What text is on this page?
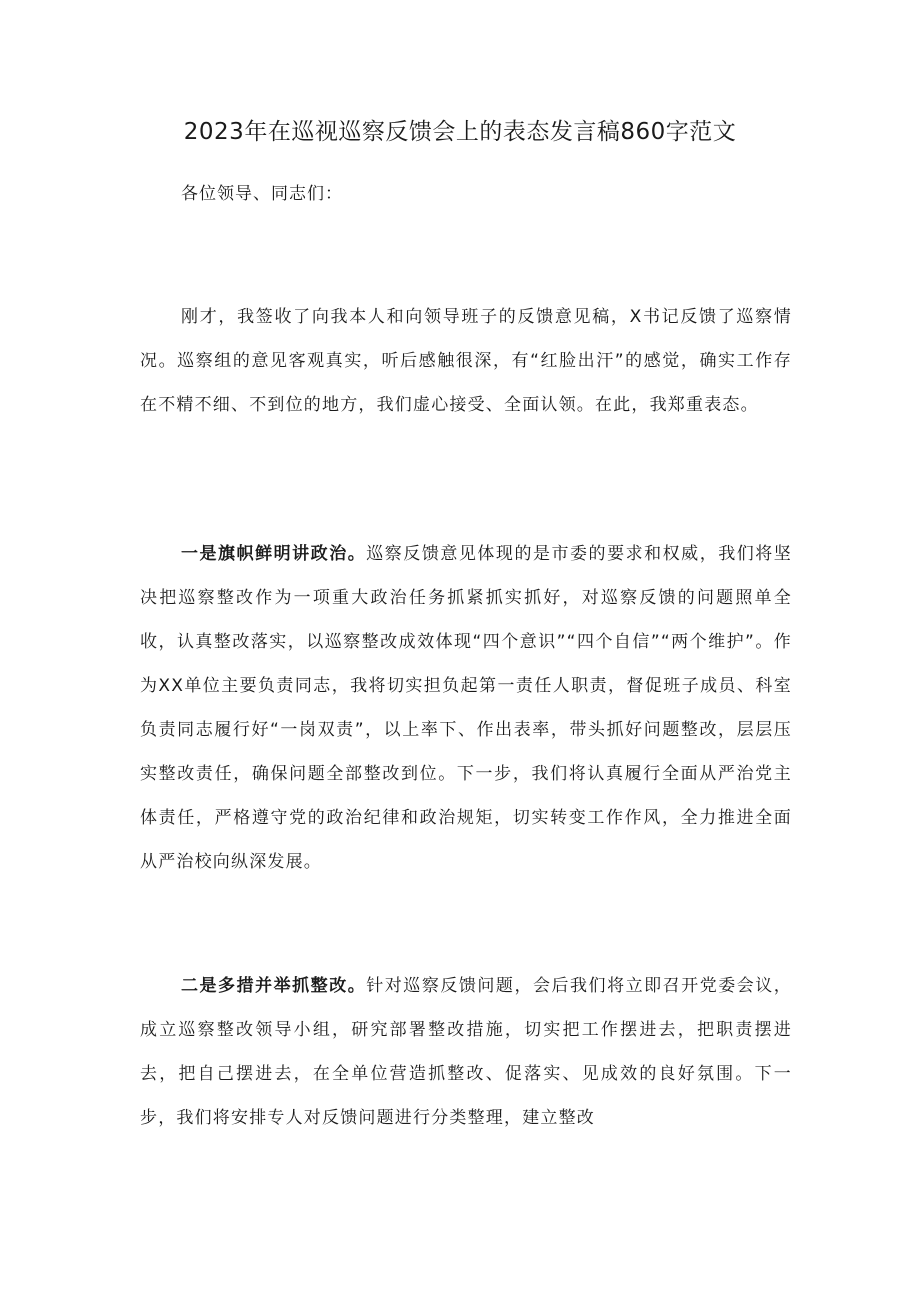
2023年在巡视巡察反馈会上的表态发言稿860字范文
各位领导、同志们：

刚才，我签收了向我本人和向领导班子的反馈意见稿，X书记反馈了巡察情况。巡察组的意见客观真实，听后感触很深，有“红脸出汗”的感觉，确实工作存在不精不细、不到位的地方，我们虚心接受、全面认领。在此，我郑重表态。

一是旗帜鲜明讲政治。巡察反馈意见体现的是市委的要求和权威，我们将坚决把巡察整改作为一项重大政治任务抓紧抓实抓好，对巡察反馈的问题照单全收，认真整改落实，以巡察整改成效体现“四个意识”“四个自信”“两个维护”。作为XX单位主要负责同志，我将切实担负起第一责任人职责，督促班子成员、科室负责同志履行好“一岗双责”，以上率下、作出表率，带头抓好问题整改，层层压实整改责任，确保问题全部整改到位。下一步，我们将认真履行全面从严治党主体责任，严格遵守党的政治纪律和政治规矩，切实转变工作作风，全力推进全面从严治校向纵深发展。

二是多措并举抓整改。针对巡察反馈问题，会后我们将立即召开党委会议，成立巡察整改领导小组，研究部署整改措施，切实把工作摆进去，把职责摆进去，把自己摆进去，在全单位营造抓整改、促落实、见成效的良好氛围。下一步，我们将安排专人对反馈问题进行分类整理，建立整改
